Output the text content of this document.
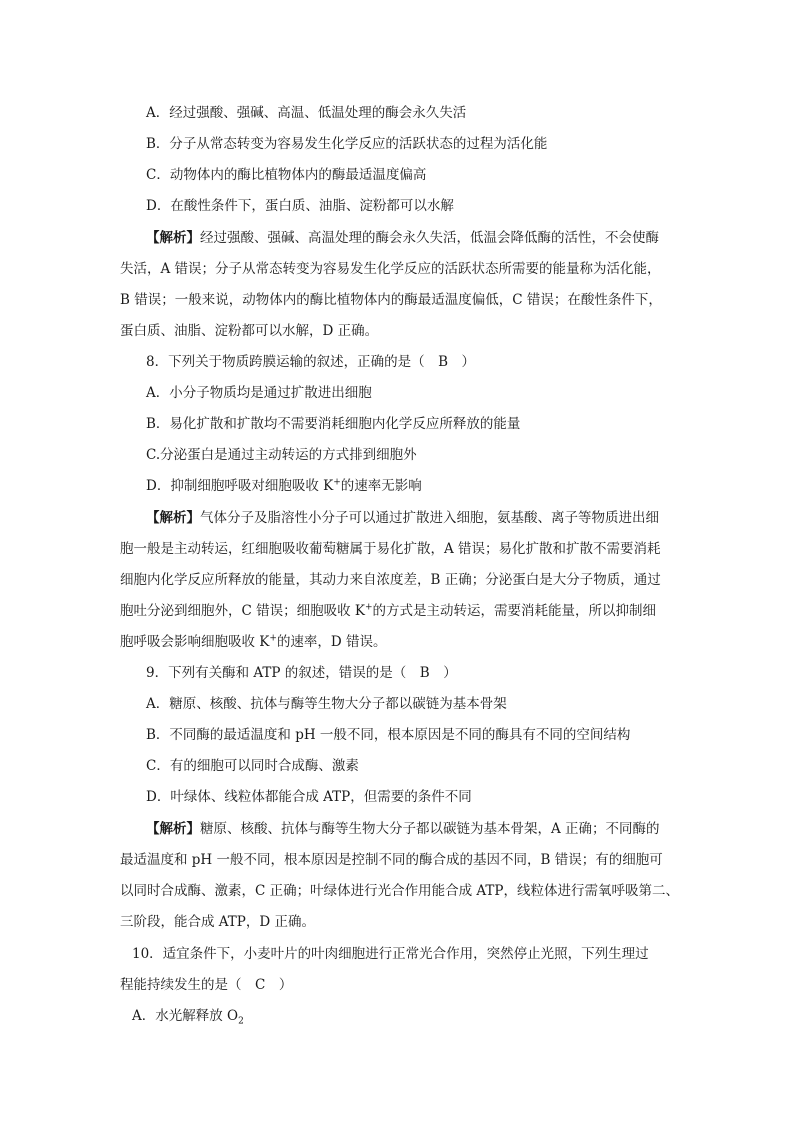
A．经过强酸、强碱、高温、低温处理的酶会永久失活
B．分子从常态转变为容易发生化学反应的活跃状态的过程为活化能
C．动物体内的酶比植物体内的酶最适温度偏高
D．在酸性条件下，蛋白质、油脂、淀粉都可以水解
【解析】经过强酸、强碱、高温处理的酶会永久失活，低温会降低酶的活性，不会使酶
失活，A 错误；分子从常态转变为容易发生化学反应的活跃状态所需要的能量称为活化能，
B 错误；一般来说，动物体内的酶比植物体内的酶最适温度偏低，C 错误；在酸性条件下，
蛋白质、油脂、淀粉都可以水解，D 正确。
8．下列关于物质跨膜运输的叙述，正确的是（　B　）
A．小分子物质均是通过扩散进出细胞
B．易化扩散和扩散均不需要消耗细胞内化学反应所释放的能量
C.分泌蛋白是通过主动转运的方式排到细胞外
D．抑制细胞呼吸对细胞吸收 K+的速率无影响
【解析】气体分子及脂溶性小分子可以通过扩散进入细胞，氨基酸、离子等物质进出细
胞一般是主动转运，红细胞吸收葡萄糖属于易化扩散，A 错误；易化扩散和扩散不需要消耗
细胞内化学反应所释放的能量，其动力来自浓度差，B 正确；分泌蛋白是大分子物质，通过
胞吐分泌到细胞外，C 错误；细胞吸收 K+的方式是主动转运，需要消耗能量，所以抑制细
胞呼吸会影响细胞吸收 K+的速率，D 错误。
9．下列有关酶和 ATP 的叙述，错误的是（　B　）
A．糖原、核酸、抗体与酶等生物大分子都以碳链为基本骨架
B．不同酶的最适温度和 pH 一般不同，根本原因是不同的酶具有不同的空间结构
C．有的细胞可以同时合成酶、激素
D．叶绿体、线粒体都能合成 ATP，但需要的条件不同
【解析】糖原、核酸、抗体与酶等生物大分子都以碳链为基本骨架，A 正确；不同酶的
最适温度和 pH 一般不同，根本原因是控制不同的酶合成的基因不同，B 错误；有的细胞可
以同时合成酶、激素，C 正确；叶绿体进行光合作用能合成 ATP，线粒体进行需氧呼吸第二、
三阶段，能合成 ATP，D 正确。
10．适宜条件下，小麦叶片的叶肉细胞进行正常光合作用，突然停止光照，下列生理过
程能持续发生的是（　C　）
A．水光解释放 $O_2$
